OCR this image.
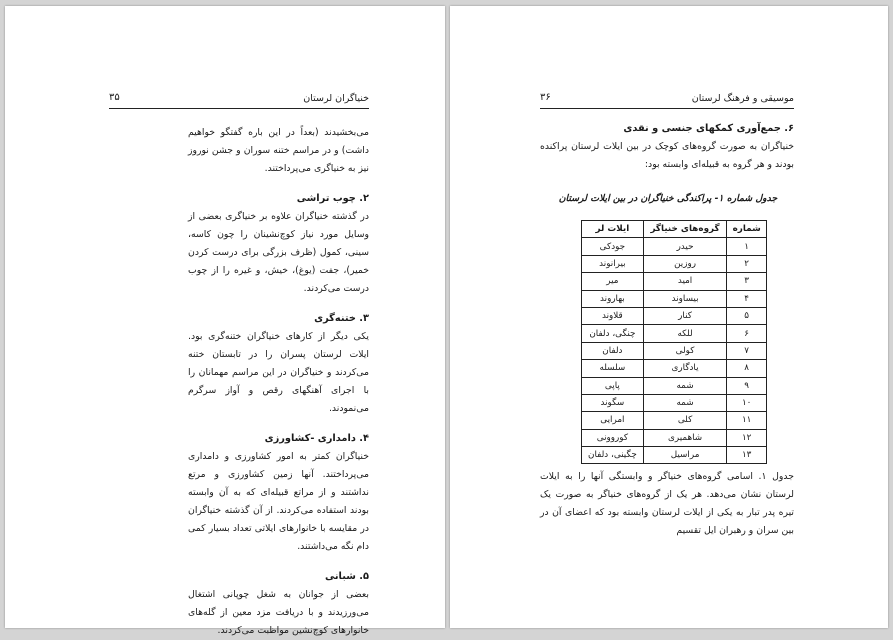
خنیاگران لرستان
۳۵

می‌بخشیدند (بعداً در این باره گفتگو خواهیم داشت) و در مراسم ختنه سوران و جشن نوروز نیز به خنیاگری می‌پرداختند.

۲. چوب تراشی

در گذشته خنیاگران علاوه بر خنیاگری بعضی از وسایل مورد نیاز کوچ‌نشینان را چون کاسه، سینی، کمول (ظرف بزرگی برای درست کردن خمیر)، جفت (یوغ)، خیش، و غیره را از چوب درست می‌کردند.

۳. ختنه‌گری

یکی دیگر از کارهای خنیاگران ختنه‌گری بود. ایلات لرستان پسران را در تابستان ختنه می‌کردند و خنیاگران در این مراسم مهمانان را با اجرای آهنگهای رقص و آواز سرگرم می‌نمودند.

۴. دامداری -کشاورزی

خنیاگران کمتر به امور کشاورزی و دامداری می‌پرداختند. آنها زمین کشاورزی و مرتع نداشتند و از مراتع قبیله‌ای که به آن وابسته بودند استفاده می‌کردند. از آن گذشته خنیاگران در مقایسه با خانوارهای ایلاتی تعداد بسیار کمی دام نگه می‌داشتند.

۵. شبانی

بعضی از جوانان به شغل چوپانی اشتغال می‌ورزیدند و با دریافت مزد معین از گله‌های خانوارهای کوچ‌نشین مواظبت می‌کردند.

موسیقی و فرهنگ لرستان
۳۶
۶. جمع‌آوری کمکهای جنسی و نقدی

خنیاگران به صورت گروه‌های کوچک در بین ایلات لرستان پراکنده بودند و هر گروه به قبیله‌ای وابسته بود:

جدول شماره ۱- پراکندگی خنیاگران در بین ایلات لرستان
شماره	گروه‌های خنیاگر	ایلات لر
۱	حیدر	جودکی
۲	روزین	بیرانوند
۳	امید	میر
۴	بیساوند	بهاروند
۵	کنار	قلاوند
۶	للکه	چنگی، دلفان
۷	کولی	دلفان
۸	یادگاری	سلسله
۹	شمه	پاپی
۱۰	شمه	سگوند
۱۱	کلی	امرایی
۱۲	شاهمیری	کوروونی
۱۳	مراسیل	چگینی، دلفان

جدول ۱. اسامی گروه‌های خنیاگر و وابستگی آنها را به ایلات لرستان نشان می‌دهد. هر یک از گروه‌های خنیاگر به صورت یک تیره پدر تبار به یکی از ایلات لرستان وابسته بود که اعضای آن در بین سران و رهبران ایل تقسیم
